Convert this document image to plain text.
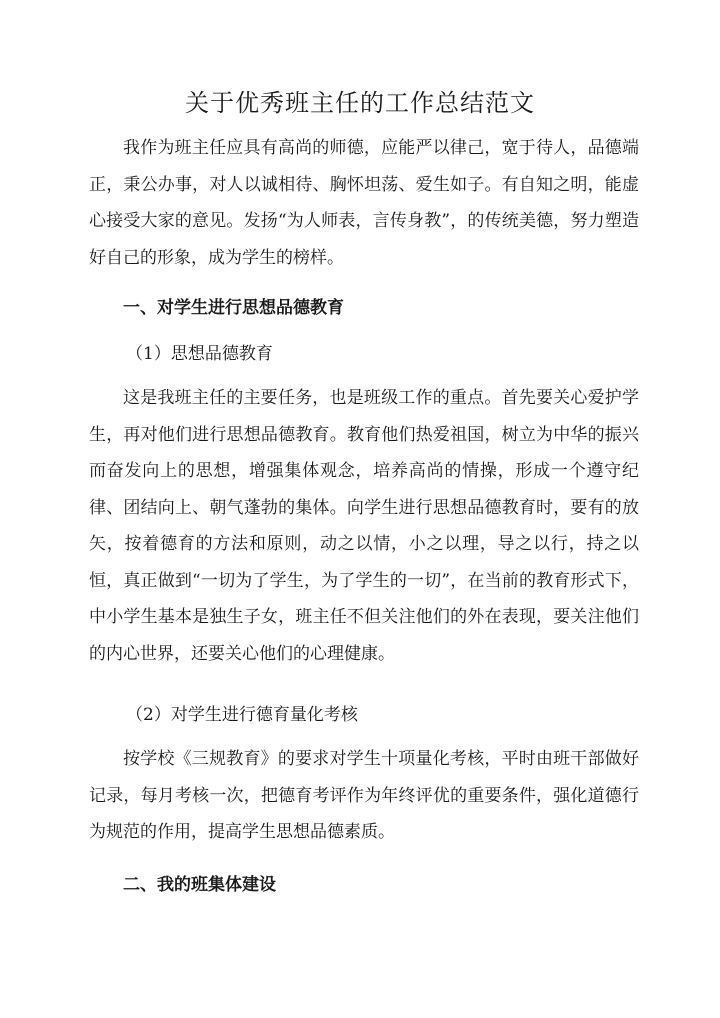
关于优秀班主任的工作总结范文

我作为班主任应具有高尚的师德，应能严以律己，宽于待人，品德端正，秉公办事，对人以诚相待、胸怀坦荡、爱生如子。有自知之明，能虚心接受大家的意见。发扬“为人师表，言传身教”，的传统美德，努力塑造好自己的形象，成为学生的榜样。

一、对学生进行思想品德教育

（1）思想品德教育

这是我班主任的主要任务，也是班级工作的重点。首先要关心爱护学生，再对他们进行思想品德教育。教育他们热爱祖国，树立为中华的振兴而奋发向上的思想，增强集体观念，培养高尚的情操，形成一个遵守纪律、团结向上、朝气蓬勃的集体。向学生进行思想品德教育时，要有的放矢，按着德育的方法和原则，动之以情，小之以理，导之以行，持之以恒，真正做到“一切为了学生，为了学生的一切”，在当前的教育形式下，中小学生基本是独生子女，班主任不但关注他们的外在表现，要关注他们的内心世界，还要关心他们的心理健康。

（2）对学生进行德育量化考核

按学校《三规教育》的要求对学生十项量化考核，平时由班干部做好记录，每月考核一次，把德育考评作为年终评优的重要条件，强化道德行为规范的作用，提高学生思想品德素质。

二、我的班集体建设
